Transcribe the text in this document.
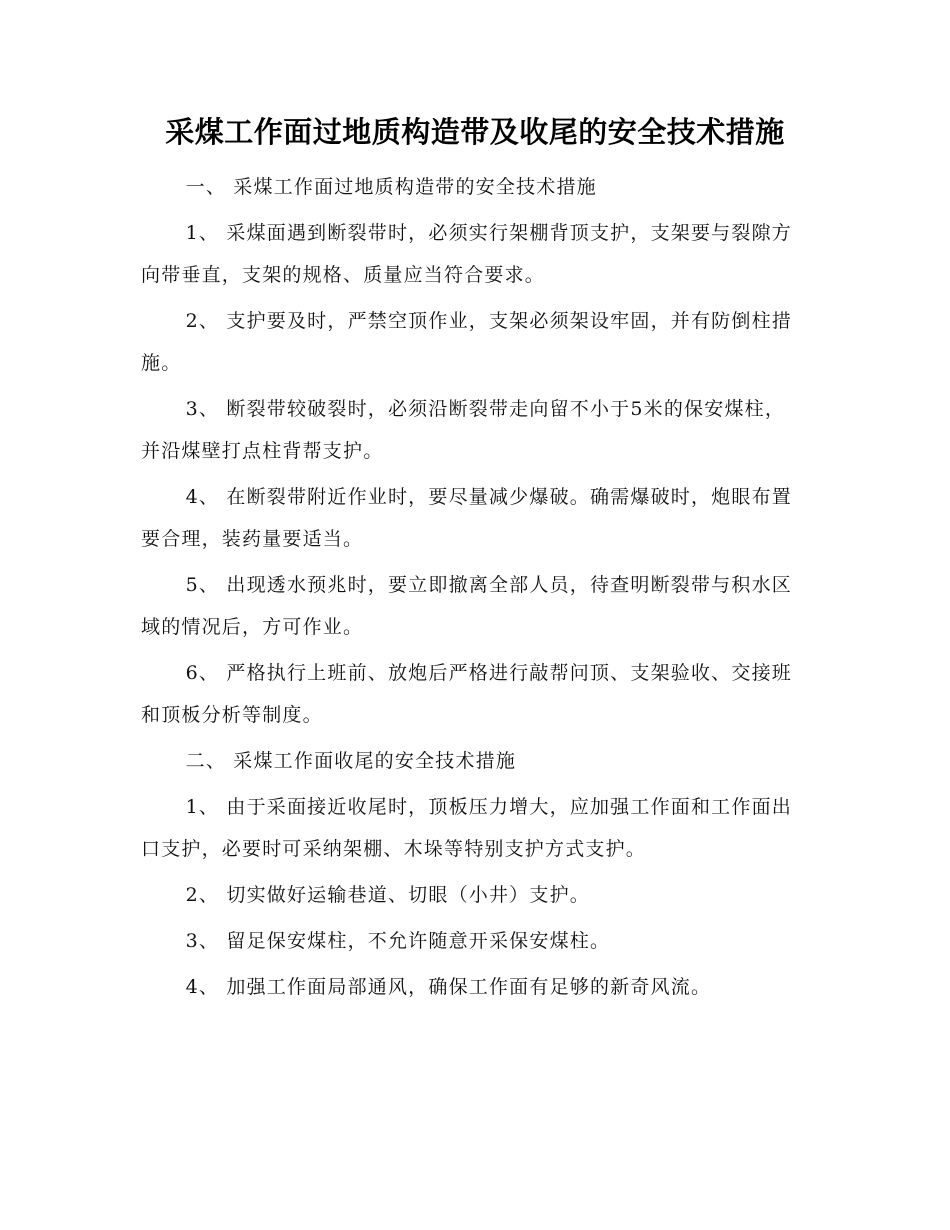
采煤工作面过地质构造带及收尾的安全技术措施

一、 采煤工作面过地质构造带的安全技术措施

1、 采煤面遇到断裂带时，必须实行架棚背顶支护，支架要与裂隙方向带垂直，支架的规格、质量应当符合要求。

2、 支护要及时，严禁空顶作业，支架必须架设牢固，并有防倒柱措施。

3、 断裂带较破裂时，必须沿断裂带走向留不小于5米的保安煤柱，并沿煤壁打点柱背帮支护。

4、 在断裂带附近作业时，要尽量减少爆破。确需爆破时，炮眼布置要合理，装药量要适当。

5、 出现透水预兆时，要立即撤离全部人员，待查明断裂带与积水区域的情况后，方可作业。

6、 严格执行上班前、放炮后严格进行敲帮问顶、支架验收、交接班和顶板分析等制度。

二、 采煤工作面收尾的安全技术措施

1、 由于采面接近收尾时，顶板压力增大，应加强工作面和工作面出口支护，必要时可采纳架棚、木垛等特别支护方式支护。

2、 切实做好运输巷道、切眼（小井）支护。

3、 留足保安煤柱，不允许随意开采保安煤柱。

4、 加强工作面局部通风，确保工作面有足够的新奇风流。
